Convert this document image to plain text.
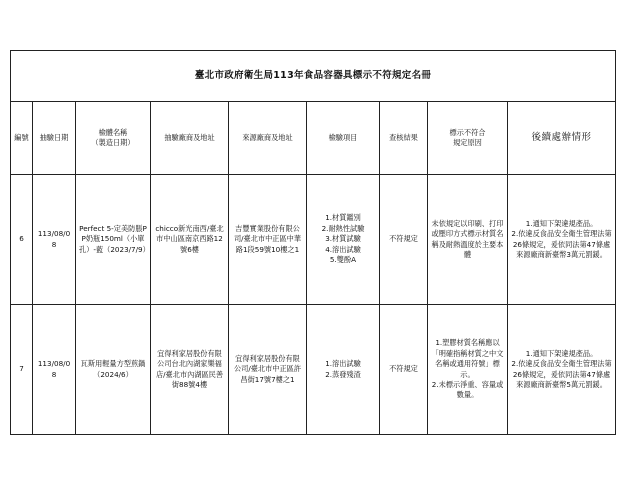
臺北市政府衛生局113年食品容器具標示不符規定名冊								
編號	抽驗日期	檢體名稱
（製造日期）	抽驗廠商及地址	來源廠商及地址	檢驗項目	查核結果	標示不符合
規定原因	後續處辦情形
6	113/08/08	Perfect 5-定美防脹PP奶瓶150ml（小單孔）-藍（2023/7/9）	chicco新光南西/臺北市中山區南京西路12號6樓	吉豐實業股份有限公司/臺北市中正區中華路1段59號10樓之1	1.材質鑑別
2.耐熱性試驗
3.材質試驗
4.溶出試驗
5.雙酚A	不符規定	未依規定以印刷、打印或壓印方式標示材質名稱及耐熱溫度於主要本體	1.通知下架違規產品。
2.依違反食品安全衛生管理法第26條規定，爰依同法第47條處來源廠商新臺幣3萬元罰鍰。

7	113/08/08	瓦斯用輕量方型煎鍋（2024/6）	宜得利家居股份有限公司台北內湖家樂福店/臺北市內湖區民善街88號4樓	宜得利家居股份有限公司/臺北市中正區許昌街17號7樓之1	1.溶出試驗
2.蒸發殘渣	不符規定	1.塑膠材質名稱應以「明確指稱材質之中文名稱或通用符號」標示。
2.未標示淨重、容量或數量。	1.通知下架違規產品。
2.依違反食品安全衛生管理法第26條規定，爰依同法第47條處來源廠商新臺幣5萬元罰鍰。
